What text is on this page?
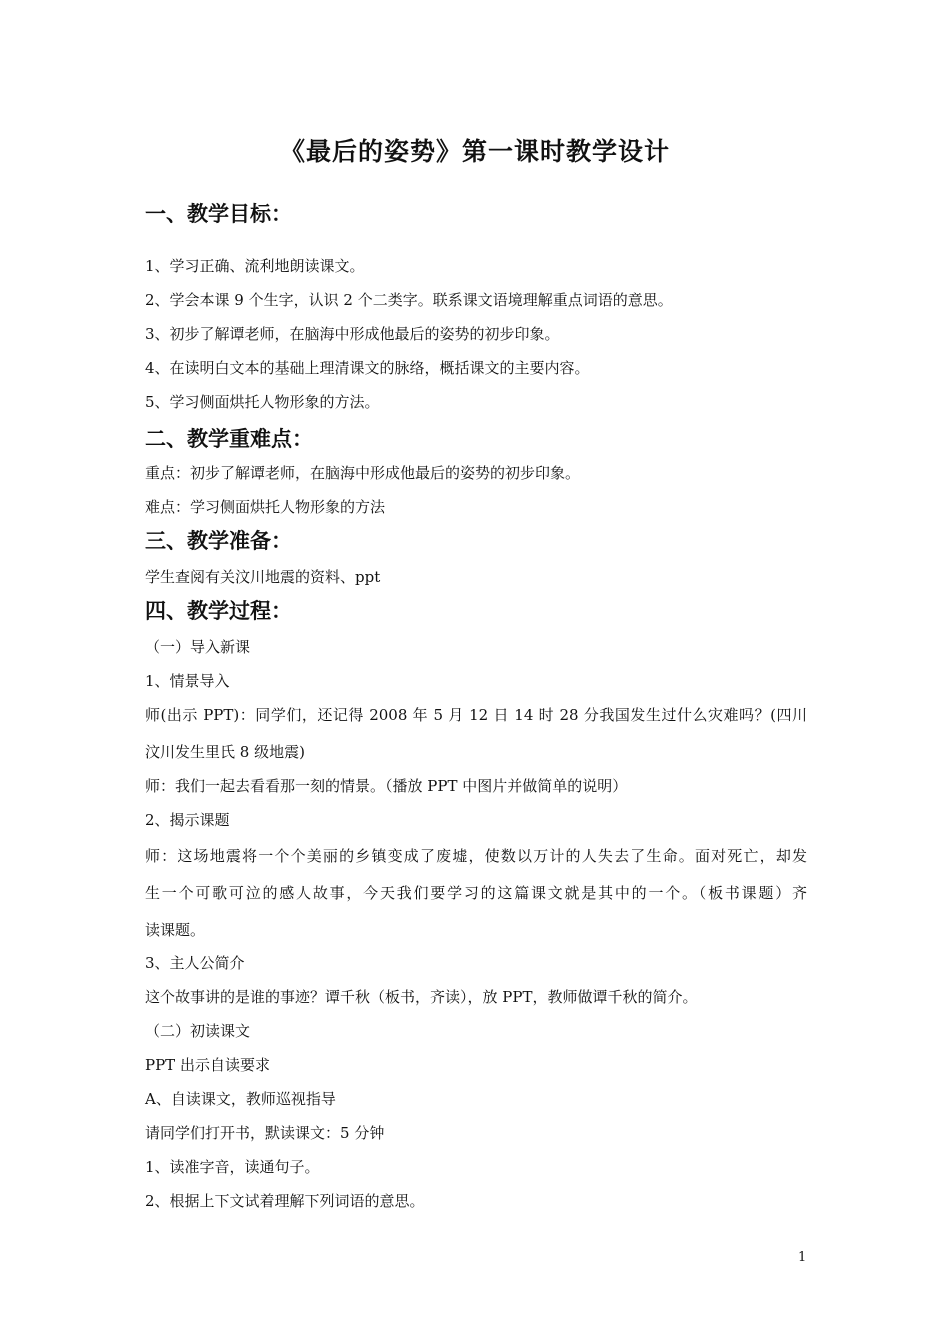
《最后的姿势》第一课时教学设计
一、教学目标：

1、学习正确、流利地朗读课文。

2、学会本课 9 个生字，认识 2 个二类字。联系课文语境理解重点词语的意思。

3、初步了解谭老师，在脑海中形成他最后的姿势的初步印象。

4、在读明白文本的基础上理清课文的脉络，概括课文的主要内容。

5、学习侧面烘托人物形象的方法。

二、教学重难点：

重点：初步了解谭老师，在脑海中形成他最后的姿势的初步印象。

难点：学习侧面烘托人物形象的方法

三、教学准备：

学生查阅有关汶川地震的资料、ppt

四、教学过程：

（一）导入新课

1、情景导入

师(出示 PPT)：同学们，还记得 2008 年 5 月 12 日 14 时 28 分我国发生过什么灾难吗？(四川

汶川发生里氏 8 级地震)

师：我们一起去看看那一刻的情景。（播放 PPT 中图片并做简单的说明）

2、揭示课题

师：这场地震将一个个美丽的乡镇变成了废墟，使数以万计的人失去了生命。面对死亡，却发

生一个可歌可泣的感人故事，今天我们要学习的这篇课文就是其中的一个。（板书课题）齐

读课题。

3、主人公简介

这个故事讲的是谁的事迹？谭千秋（板书，齐读），放 PPT，教师做谭千秋的简介。

（二）初读课文

PPT 出示自读要求

A、自读课文，教师巡视指导

请同学们打开书，默读课文：5 分钟

1、读准字音，读通句子。

2、根据上下文试着理解下列词语的意思。

1
